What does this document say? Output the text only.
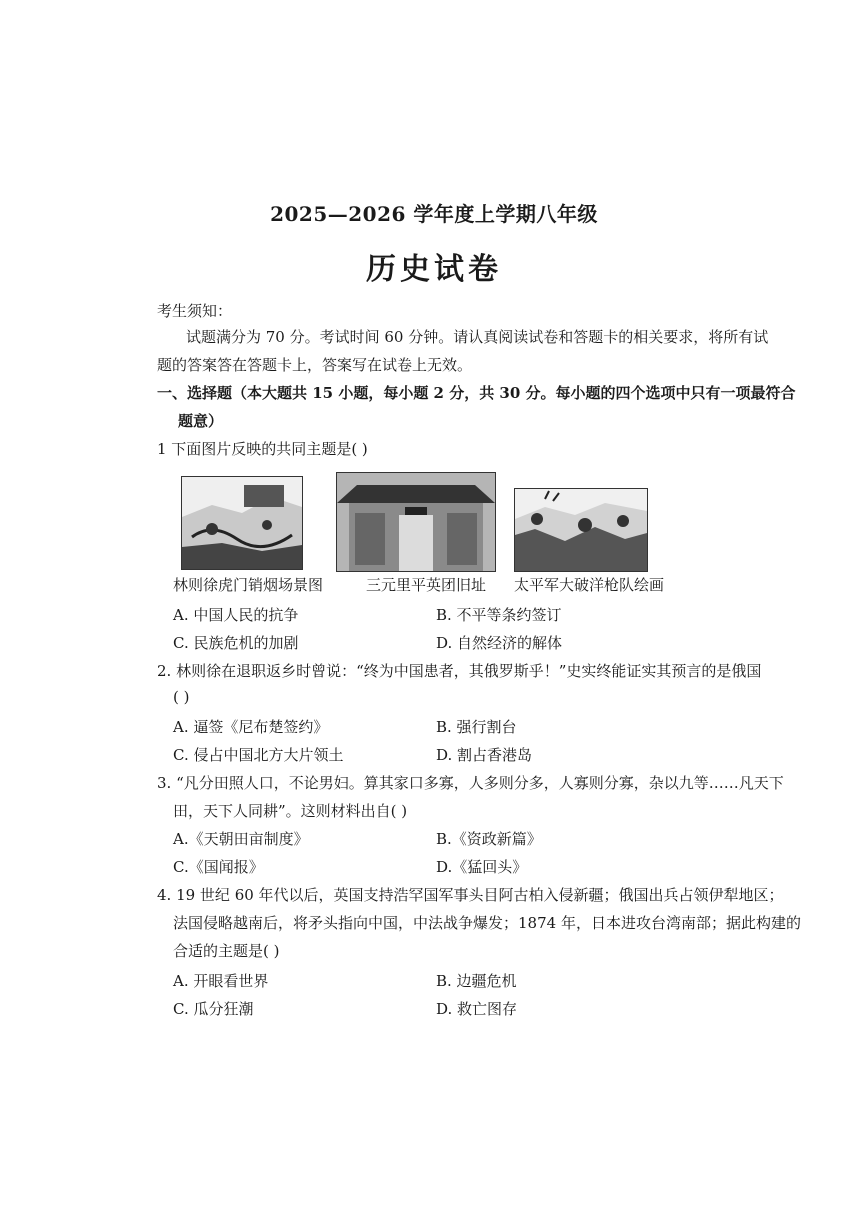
2025—2026 学年度上学期八年级
历史试卷
考生须知：
试题满分为 70 分。考试时间 60 分钟。请认真阅读试卷和答题卡的相关要求，将所有试
题的答案答在答题卡上，答案写在试卷上无效。
一、选择题（本大题共 15 小题，每小题 2 分，共 30 分。每小题的四个选项中只有一项最符合
题意）
1 下面图片反映的共同主题是( )
林则徐虎门销烟场景图	三元里平英团旧址 太平军大破洋枪队绘画
A. 中国人民的抗争	B. 不平等条约签订
C. 民族危机的加剧	D. 自然经济的解体
2. 林则徐在退职返乡时曾说：“终为中国患者，其俄罗斯乎！”史实终能证实其预言的是俄国
( )
A. 逼签《尼布楚签约》	B. 强行割台
C. 侵占中国北方大片领土	D. 割占香港岛
3. “凡分田照人口，不论男妇。算其家口多寡，人多则分多，人寡则分寡，杂以九等……凡天下
田，天下人同耕”。这则材料出自( )
A.《天朝田亩制度》	B.《资政新篇》
C.《国闻报》	D.《猛回头》
4. 19 世纪 60 年代以后，英国支持浩罕国军事头目阿古柏入侵新疆；俄国出兵占领伊犁地区；
法国侵略越南后，将矛头指向中国，中法战争爆发；1874 年，日本进攻台湾南部；据此构建的
合适的主题是( )
A. 开眼看世界	B. 边疆危机
C. 瓜分狂潮	D. 救亡图存
